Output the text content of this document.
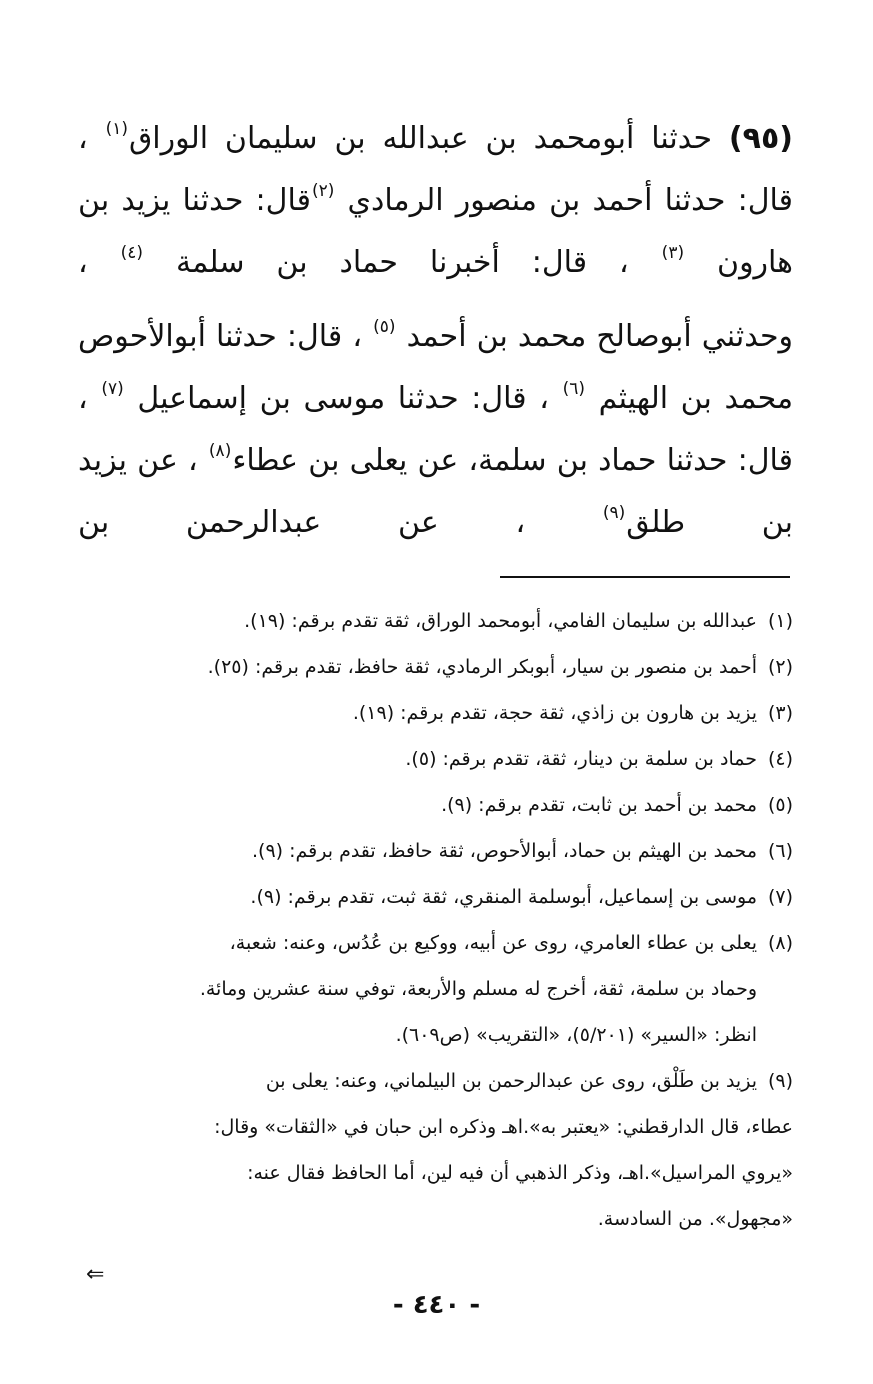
(٩٥) حدثنا أبومحمد بن عبدالله بن سليمان الوراق$^{(١)}$ ، قال: حدثنا أحمد بن منصور الرمادي $^{(٢)}$قال: حدثنا يزيد بن هارون $^{(٣)}$ ، قال: أخبرنا حماد بن سلمة $^{(٤)}$ ،

وحدثني أبوصالح محمد بن أحمد $^{(٥)}$ ، قال: حدثنا أبوالأحوص محمد بن الهيثم $^{(٦)}$ ، قال: حدثنا موسى بن إسماعيل $^{(٧)}$ ، قال: حدثنا حماد بن سلمة، عن يعلى بن عطاء$^{(٨)}$ ، عن يزيد بن طلق$^{(٩)}$ ، عن عبدالرحمن بن

(١)عبدالله بن سليمان الفامي، أبومحمد الوراق، ثقة تقدم برقم: (١٩).
(٢)أحمد بن منصور بن سيار، أبوبكر الرمادي، ثقة حافظ، تقدم برقم: (٢٥).
(٣)يزيد بن هارون بن زاذي، ثقة حجة، تقدم برقم: (١٩).
(٤)حماد بن سلمة بن دينار، ثقة، تقدم برقم: (٥).
(٥)محمد بن أحمد بن ثابت، تقدم برقم: (٩).
(٦)محمد بن الهيثم بن حماد، أبوالأحوص، ثقة حافظ، تقدم برقم: (٩).
(٧)موسى بن إسماعيل، أبوسلمة المنقري، ثقة ثبت، تقدم برقم: (٩).
(٨)يعلى بن عطاء العامري، روى عن أبيه، ووكيع بن عُدُس، وعنه: شعبة،
وحماد بن سلمة، ثقة، أخرج له مسلم والأربعة، توفي سنة عشرين ومائة.
انظر: «السير» (٥/٢٠١)، «التقريب» (ص٦٠٩).
(٩)يزيد بن طَلْق، روى عن عبدالرحمن بن البيلماني، وعنه: يعلى بن
عطاء، قال الدارقطني: «يعتبر به».اهـ وذكره ابن حبان في «الثقات» وقال:
«يروي المراسيل».اهـ، وذكر الذهبي أن فيه لين، أما الحافظ فقال عنه:
«مجهول». من السادسة.
⇐
- ٤٤٠ -
